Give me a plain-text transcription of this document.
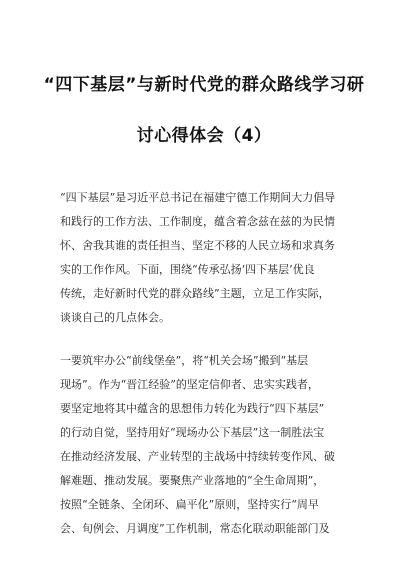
“四下基层”与新时代党的群众路线学习研
讨心得体会（4）
“四下基层”是习近平总书记在福建宁德工作期间大力倡导
和践行的工作方法、工作制度，蕴含着念兹在兹的为民情
怀、舍我其谁的责任担当、坚定不移的人民立场和求真务
实的工作作风。下面，围绕“传承弘扬‘四下基层’优良
传统，走好新时代党的群众路线”主题，立足工作实际，
谈谈自己的几点体会。
一要筑牢办公“前线堡垒”，将“机关会场”搬到“基层
现场”。作为“晋江经验”的坚定信仰者、忠实实践者，
要坚定地将其中蕴含的思想伟力转化为践行“四下基层”
的行动自觉，坚持用好“现场办公下基层”这一制胜法宝
在推动经济发展、产业转型的主战场中持续转变作风、破
解难题、推动发展。要聚焦产业落地的“全生命周期”，
按照“全链条、全闭环、扁平化”原则，坚持实行“周早
会、旬例会、月调度”工作机制，常态化联动职能部门及
